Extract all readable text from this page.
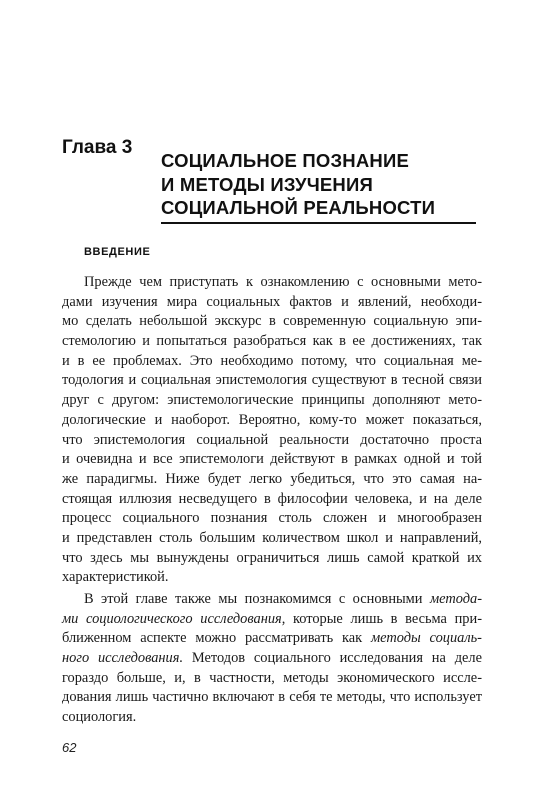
Глава 3
СОЦИАЛЬНОЕ ПОЗНАНИЕ
И МЕТОДЫ ИЗУЧЕНИЯ
СОЦИАЛЬНОЙ РЕАЛЬНОСТИ
ВВЕДЕНИЕ
Прежде чем приступать к ознакомлению с основными мето-
дами изучения мира социальных фактов и явлений, необходи-
мо сделать небольшой экскурс в современную социальную эпи-
стемологию и попытаться разобраться как в ее достижениях, так
и в ее проблемах. Это необходимо потому, что социальная ме-
тодология и социальная эпистемология существуют в тесной связи
друг с другом: эпистемологические принципы дополняют мето-
дологические и наоборот. Вероятно, кому-то может показаться,
что эпистемология социальной реальности достаточно проста
и очевидна и все эпистемологи действуют в рамках одной и той
же парадигмы. Ниже будет легко убедиться, что это самая на-
стоящая иллюзия несведущего в философии человека, и на деле
процесс социального познания столь сложен и многообразен
и представлен столь большим количеством школ и направлений,
что здесь мы вынуждены ограничиться лишь самой краткой их
характеристикой.
В этой главе также мы познакомимся с основными метода-
ми социологического исследования, которые лишь в весьма при-
ближенном аспекте можно рассматривать как методы социаль-
ного исследования. Методов социального исследования на деле
гораздо больше, и, в частности, методы экономического иссле-
дования лишь частично включают в себя те методы, что использует
социология.
62
